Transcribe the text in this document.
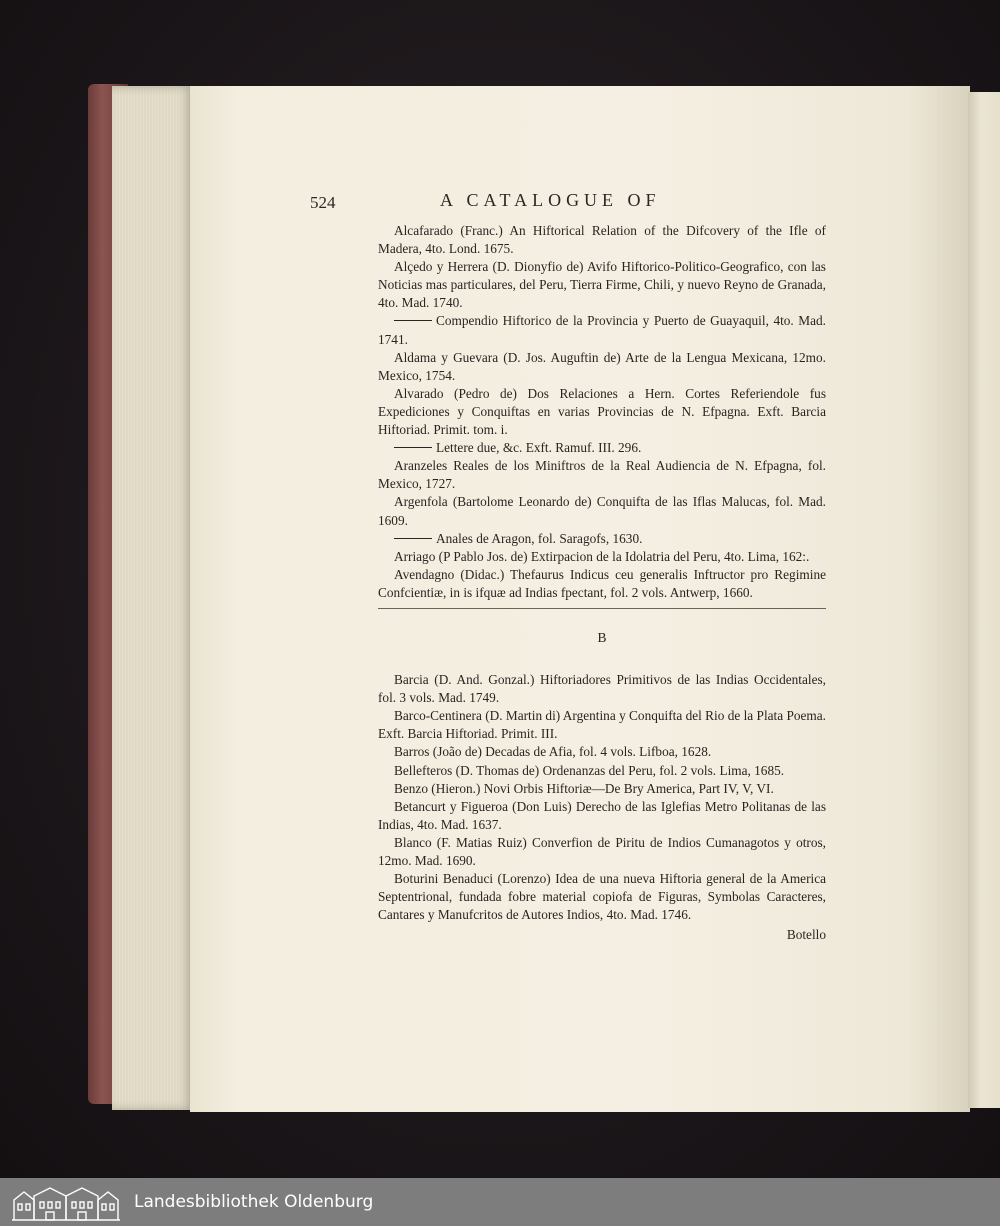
524	A CATALOGUE OF

Alcafarado (Franc.) An Hiftorical Relation of the Difcovery of the Ifle of Madera, 4to. Lond. 1675.

Alçedo y Herrera (D. Dionyfio de) Avifo Hiftorico-Politico-Geografico, con las Noticias mas particulares, del Peru, Tierra Firme, Chili, y nuevo Reyno de Granada, 4to. Mad. 1740.

Compendio Hiftorico de la Provincia y Puerto de Guayaquil, 4to. Mad. 1741.

Aldama y Guevara (D. Jos. Auguftin de) Arte de la Lengua Mexicana, 12mo. Mexico, 1754.

Alvarado (Pedro de) Dos Relaciones a Hern. Cortes Referiendole fus Expediciones y Conquiftas en varias Provincias de N. Efpagna. Exft. Barcia Hiftoriad. Primit. tom. i.

Lettere due, &c. Exft. Ramuf. III. 296.

Aranzeles Reales de los Miniftros de la Real Audiencia de N. Efpagna, fol. Mexico, 1727.

Argenfola (Bartolome Leonardo de) Conquifta de las Iflas Malucas, fol. Mad. 1609.

Anales de Aragon, fol. Saragofs, 1630.

Arriago (P Pablo Jos. de) Extirpacion de la Idolatria del Peru, 4to. Lima, 162:.

Avendagno (Didac.) Thefaurus Indicus ceu generalis Inftructor pro Regimine Confcientiæ, in is ifquæ ad Indias fpectant, fol. 2 vols. Antwerp, 1660.

B

Barcia (D. And. Gonzal.) Hiftoriadores Primitivos de las Indias Occidentales, fol. 3 vols. Mad. 1749.

Barco-Centinera (D. Martin di) Argentina y Conquifta del Rio de la Plata Poema. Exft. Barcia Hiftoriad. Primit. III.

Barros (João de) Decadas de Afia, fol. 4 vols. Lifboa, 1628.

Bellefteros (D. Thomas de) Ordenanzas del Peru, fol. 2 vols. Lima, 1685.

Benzo (Hieron.) Novi Orbis Hiftoriæ—De Bry America, Part IV, V, VI.

Betancurt y Figueroa (Don Luis) Derecho de las Iglefias Metro Politanas de las Indias, 4to. Mad. 1637.

Blanco (F. Matias Ruiz) Converfion de Piritu de Indios Cumanagotos y otros, 12mo. Mad. 1690.

Boturini Benaduci (Lorenzo) Idea de una nueva Hiftoria general de la America Septentrional, fundada fobre material copiofa de Figuras, Symbolas Caracteres, Cantares y Manufcritos de Autores Indios, 4to. Mad. 1746.

Botello
Landesbibliothek Oldenburg
